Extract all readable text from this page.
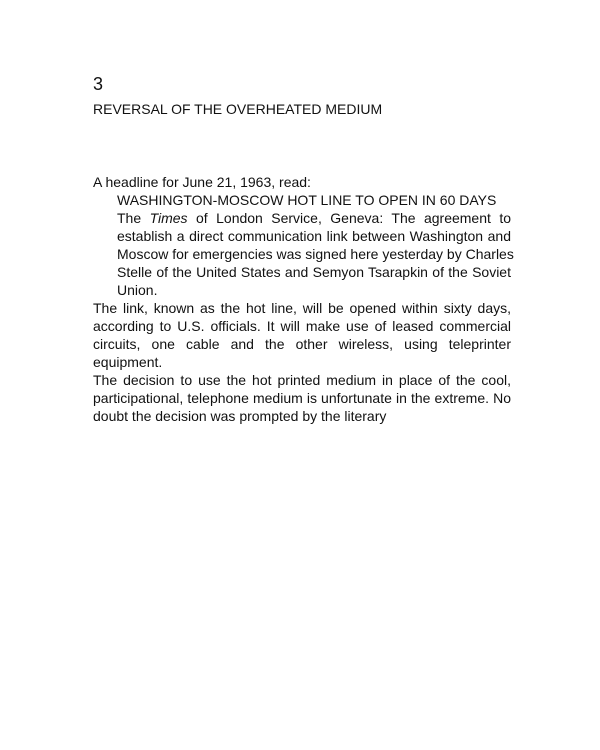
3
REVERSAL OF THE OVERHEATED MEDIUM
A headline for June 21, 1963, read:
WASHINGTON-MOSCOW HOT LINE TO OPEN IN 60 DAYS
The Times of London Service, Geneva: The agreement to
establish a direct communication link between Washington and
Moscow for emergencies was signed here yesterday by Charles
Stelle of the United States and Semyon Tsarapkin of the Soviet
Union.
The link, known as the hot line, will be opened within sixty days,
according to U.S. officials. It will make use of leased commercial
circuits, one cable and the other wireless, using teleprinter
equipment.
The decision to use the hot printed medium in place of the cool,
participational, telephone medium is unfortunate in the extreme. No
doubt the decision was prompted by the literary
